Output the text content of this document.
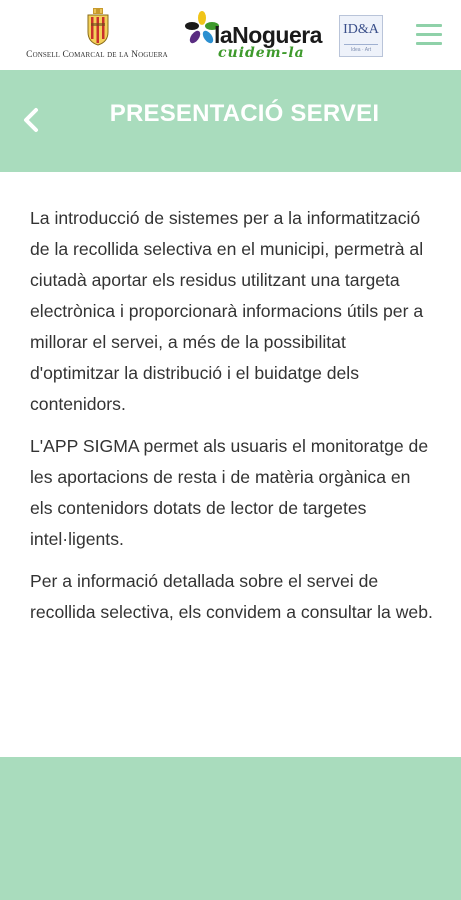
Consell Comarcal de la Noguera
laNoguera
cuidem-la
ID&A
Idea · Art
PRESENTACIÓ SERVEI

La introducció de sistemes per a la informatització de la recollida selectiva en el municipi, permetrà al ciutadà aportar els residus utilitzant una targeta electrònica i proporcionarà informacions útils per a millorar el servei, a més de la possibilitat d'optimitzar la distribució i el buidatge dels contenidors.

L'APP SIGMA permet als usuaris el monitoratge de les aportacions de resta i de matèria orgànica en els contenidors dotats de lector de targetes intel·ligents.

Per a informació detallada sobre el servei de recollida selectiva, els convidem a consultar la web.
